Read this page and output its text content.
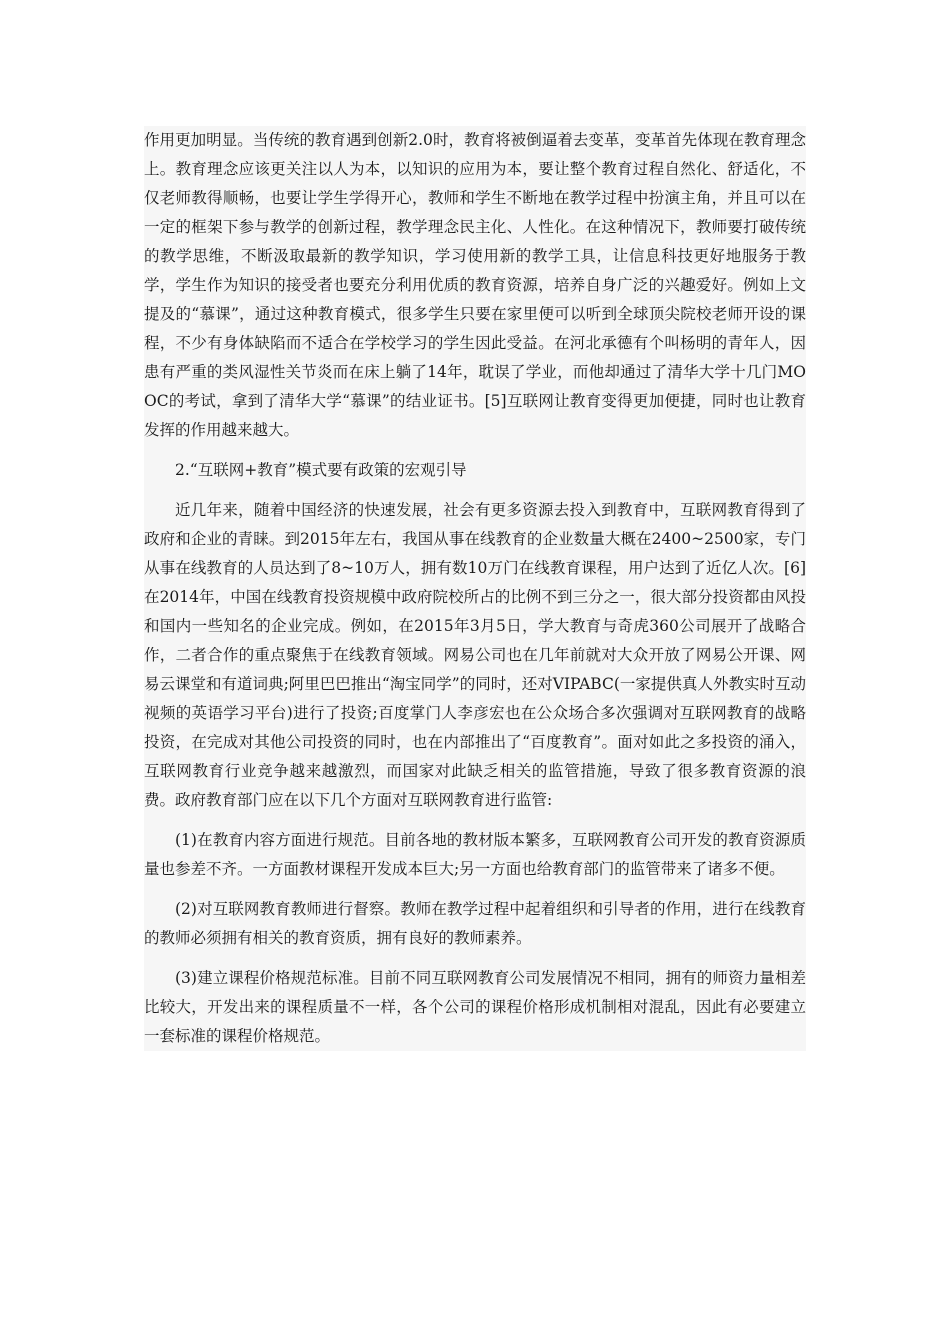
作用更加明显。当传统的教育遇到创新2.0时，教育将被倒逼着去变革，变革首先体现在教育理念上。教育理念应该更关注以人为本，以知识的应用为本，要让整个教育过程自然化、舒适化，不仅老师教得顺畅，也要让学生学得开心，教师和学生不断地在教学过程中扮演主角，并且可以在一定的框架下参与教学的创新过程，教学理念民主化、人性化。在这种情况下，教师要打破传统的教学思维，不断汲取最新的教学知识，学习使用新的教学工具，让信息科技更好地服务于教学，学生作为知识的接受者也要充分利用优质的教育资源，培养自身广泛的兴趣爱好。例如上文提及的“慕课”，通过这种教育模式，很多学生只要在家里便可以听到全球顶尖院校老师开设的课程，不少有身体缺陷而不适合在学校学习的学生因此受益。在河北承德有个叫杨明的青年人，因患有严重的类风湿性关节炎而在床上躺了14年，耽误了学业，而他却通过了清华大学十几门MOOC的考试，拿到了清华大学“慕课”的结业证书。[5]互联网让教育变得更加便捷，同时也让教育发挥的作用越来越大。

2.“互联网+教育”模式要有政策的宏观引导

近几年来，随着中国经济的快速发展，社会有更多资源去投入到教育中，互联网教育得到了政府和企业的青睐。到2015年左右，我国从事在线教育的企业数量大概在2400~2500家，专门从事在线教育的人员达到了8~10万人，拥有数10万门在线教育课程，用户达到了近亿人次。[6]在2014年，中国在线教育投资规模中政府院校所占的比例不到三分之一，很大部分投资都由风投和国内一些知名的企业完成。例如，在2015年3月5日，学大教育与奇虎360公司展开了战略合作，二者合作的重点聚焦于在线教育领域。网易公司也在几年前就对大众开放了网易公开课、网易云课堂和有道词典;阿里巴巴推出“淘宝同学”的同时，还对VIPABC(一家提供真人外教实时互动视频的英语学习平台)进行了投资;百度掌门人李彦宏也在公众场合多次强调对互联网教育的战略投资，在完成对其他公司投资的同时，也在内部推出了“百度教育”。面对如此之多投资的涌入，互联网教育行业竞争越来越激烈，而国家对此缺乏相关的监管措施，导致了很多教育资源的浪费。政府教育部门应在以下几个方面对互联网教育进行监管:

(1)在教育内容方面进行规范。目前各地的教材版本繁多，互联网教育公司开发的教育资源质量也参差不齐。一方面教材课程开发成本巨大;另一方面也给教育部门的监管带来了诸多不便。

(2)对互联网教育教师进行督察。教师在教学过程中起着组织和引导者的作用，进行在线教育的教师必须拥有相关的教育资质，拥有良好的教师素养。

(3)建立课程价格规范标准。目前不同互联网教育公司发展情况不相同，拥有的师资力量相差比较大，开发出来的课程质量不一样，各个公司的课程价格形成机制相对混乱，因此有必要建立一套标准的课程价格规范。
